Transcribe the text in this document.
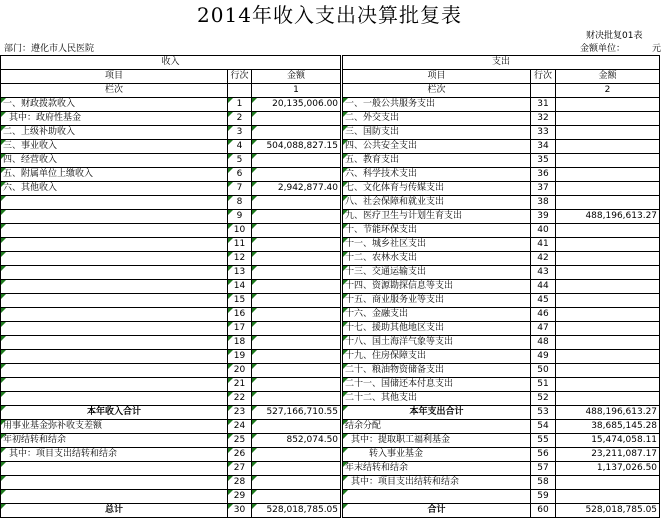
2014年收入支出决算批复表
财决批复01表
部门：遵化市人民医院	金额单位：	元
收入			支出		
项目	行次	金额	项目	行次	金额
栏次		1	栏次		2
一、财政拨款收入	1	20,135,006.00	一、一般公共服务支出	31	
其中：政府性基金	2		二、外交支出	32	
二、上级补助收入	3		三、国防支出	33	
三、事业收入	4	504,088,827.15	四、公共安全支出	34	
四、经营收入	5		五、教育支出	35	
五、附属单位上缴收入	6		六、科学技术支出	36	
六、其他收入	7	2,942,877.40	七、文化体育与传媒支出	37	
	8		八、社会保障和就业支出	38	
	9		九、医疗卫生与计划生育支出	39	488,196,613.27
	10		十、节能环保支出	40	
	11		十一、城乡社区支出	41	
	12		十二、农林水支出	42	
	13		十三、交通运输支出	43	
	14		十四、资源勘探信息等支出	44	
	15		十五、商业服务业等支出	45	
	16		十六、金融支出	46	
	17		十七、援助其他地区支出	47	
	18		十八、国土海洋气象等支出	48	
	19		十九、住房保障支出	49	
	20		二十、粮油物资储备支出	50	
	21		二十一、国储还本付息支出	51	
	22		二十二、其他支出	52	
本年收入合计	23	527,166,710.55	本年支出合计	53	488,196,613.27
用事业基金弥补收支差额	24		结余分配	54	38,685,145.28
年初结转和结余	25	852,074.50	其中：提取职工福利基金	55	15,474,058.11
其中：项目支出结转和结余	26		转入事业基金	56	23,211,087.17
	27		年末结转和结余	57	1,137,026.50
	28		其中：项目支出结转和结余	58	
	29			59	
总计	30	528,018,785.05	合计	60	528,018,785.05
